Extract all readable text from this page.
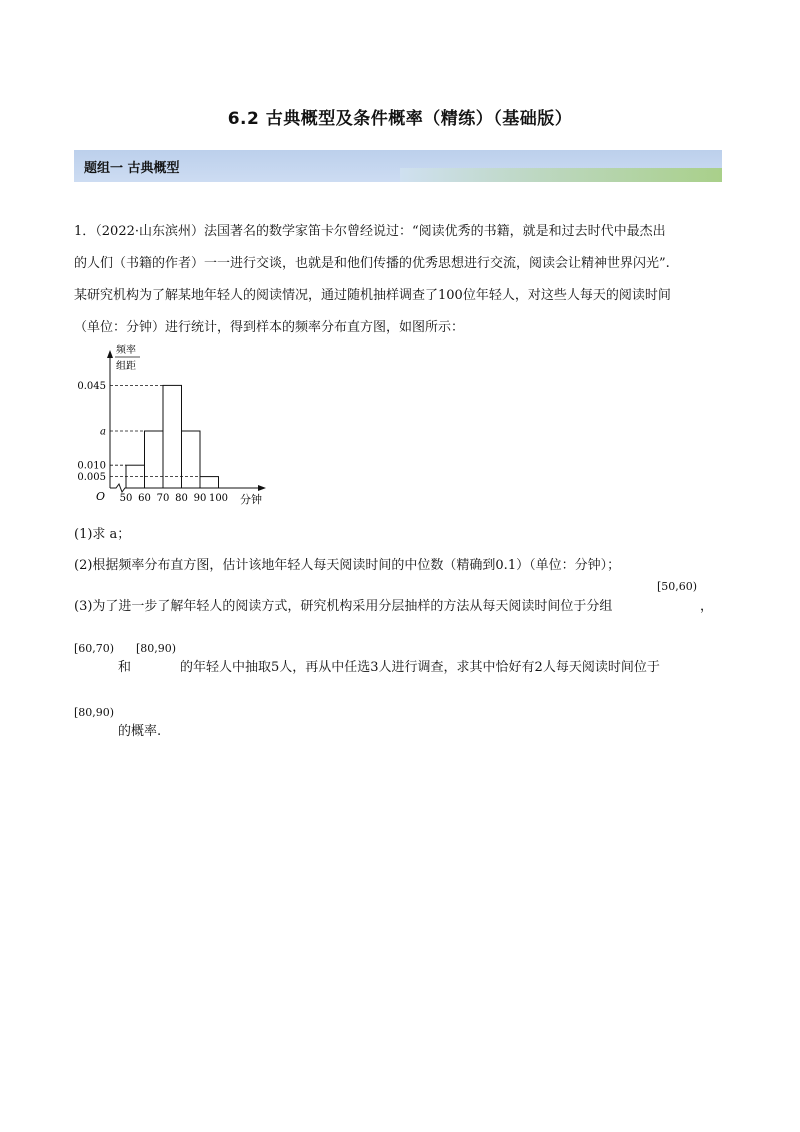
6.2 古典概型及条件概率（精练）（基础版）
题组一 古典概型
1．（2022·山东滨州）法国著名的数学家笛卡尔曾经说过：“阅读优秀的书籍，就是和过去时代中最杰出
的人们（书籍的作者）一一进行交谈，也就是和他们传播的优秀思想进行交流，阅读会让精神世界闪光”.
某研究机构为了解某地年轻人的阅读情况，通过随机抽样调查了100位年轻人，对这些人每天的阅读时间
（单位：分钟）进行统计，得到样本的频率分布直方图，如图所示：
0.045
a
0.010
0.005
50 60 70 80 90 100
O	分钟
频率
组距
(1)求 a；
(2)根据频率分布直方图，估计该地年轻人每天阅读时间的中位数（精确到0.1）（单位：分钟）；
(3)为了进一步了解年轻人的阅读方式，研究机构采用分层抽样的方法从每天阅读时间位于分组
[50,60)
，
[60,70) [80,90)
和	的年轻人中抽取5人，再从中任选3人进行调查，求其中恰好有2人每天阅读时间位于
[80,90)
的概率.
